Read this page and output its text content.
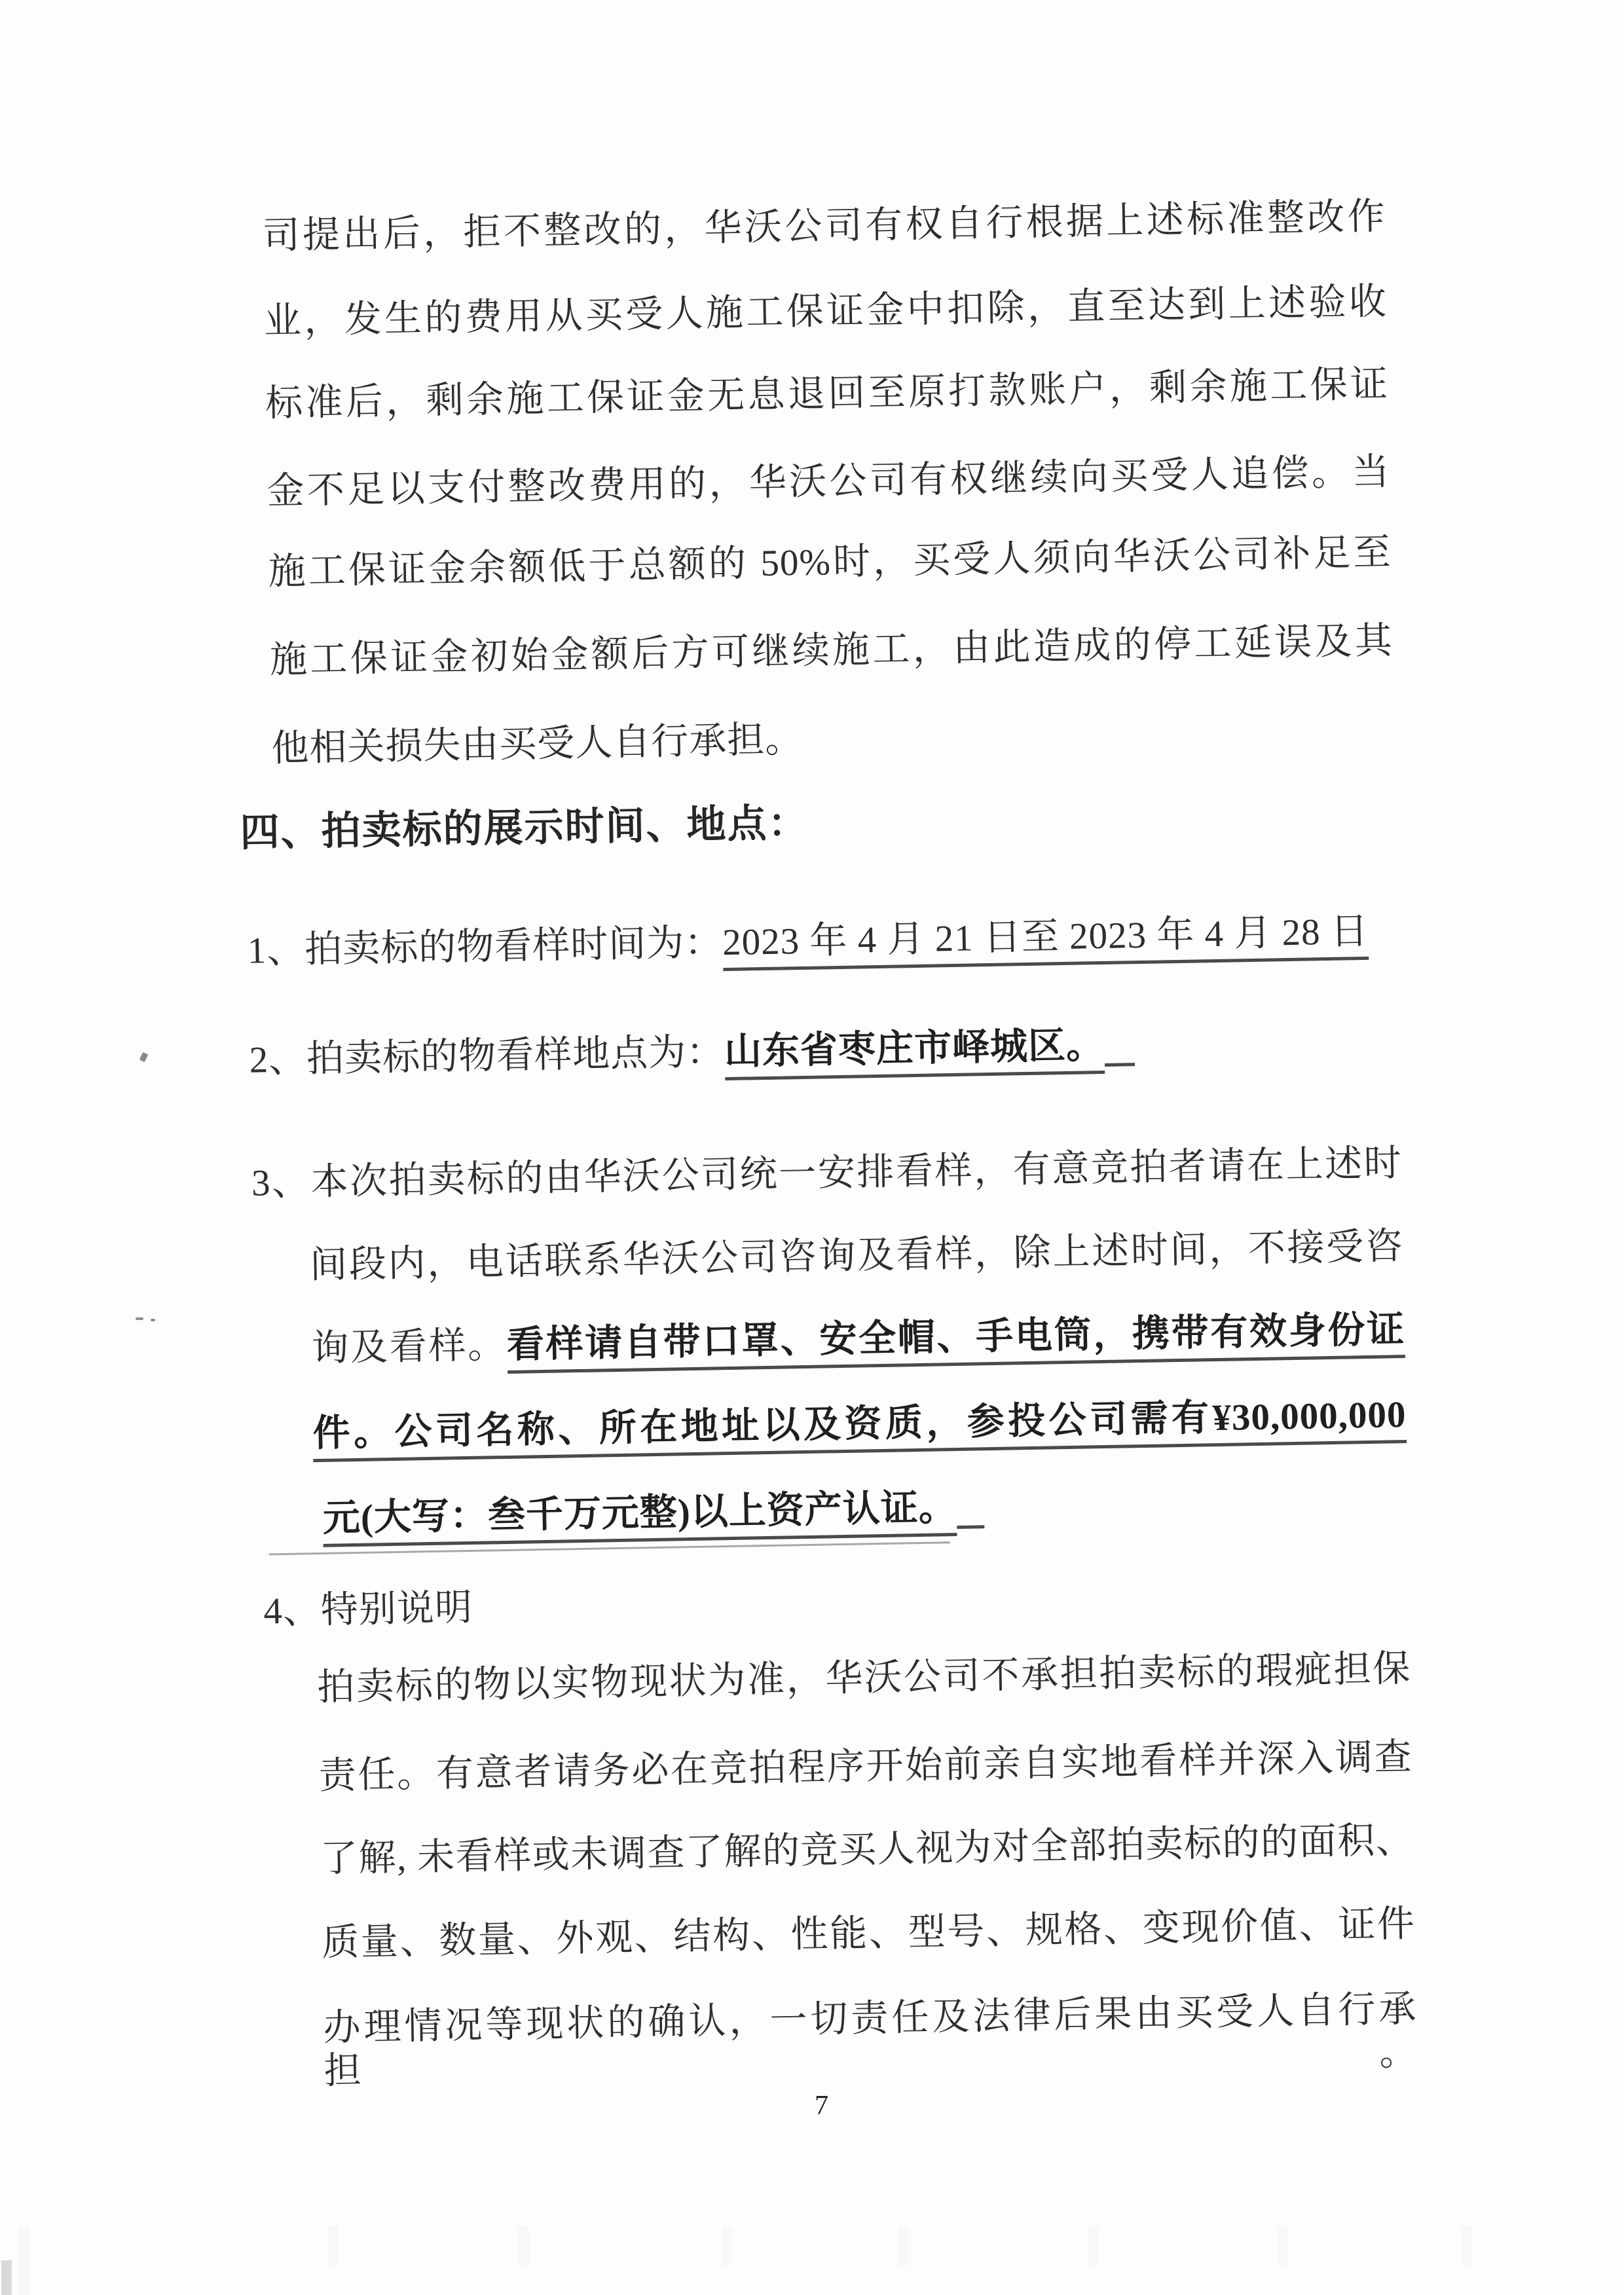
司提出后，拒不整改的，华沃公司有权自行根据上述标准整改作
业，发生的费用从买受人施工保证金中扣除，直至达到上述验收
标准后，剩余施工保证金无息退回至原打款账户，剩余施工保证
金不足以支付整改费用的，华沃公司有权继续向买受人追偿。当
施工保证金余额低于总额的 50%时，买受人须向华沃公司补足至
施工保证金初始金额后方可继续施工，由此造成的停工延误及其
他相关损失由买受人自行承担。
四、拍卖标的展示时间、地点：
1、拍卖标的物看样时间为：2023 年 4 月 21 日至 2023 年 4 月 28 日
2、拍卖标的物看样地点为：山东省枣庄市峄城区。
3、本次拍卖标的由华沃公司统一安排看样，有意竞拍者请在上述时
间段内，电话联系华沃公司咨询及看样，除上述时间，不接受咨
询及看样。看样请自带口罩、安全帽、手电筒，携带有效身份证
件。公司名称、所在地址以及资质，参投公司需有¥30,000,000
元(大写：叁千万元整)以上资产认证。
4、特别说明
拍卖标的物以实物现状为准，华沃公司不承担拍卖标的瑕疵担保
责任。有意者请务必在竞拍程序开始前亲自实地看样并深入调查
了解, 未看样或未调查了解的竞买人视为对全部拍卖标的的面积、
质量、数量、外观、结构、性能、型号、规格、变现价值、证件
办理情况等现状的确认，一切责任及法律后果由买受人自行承担。
7
